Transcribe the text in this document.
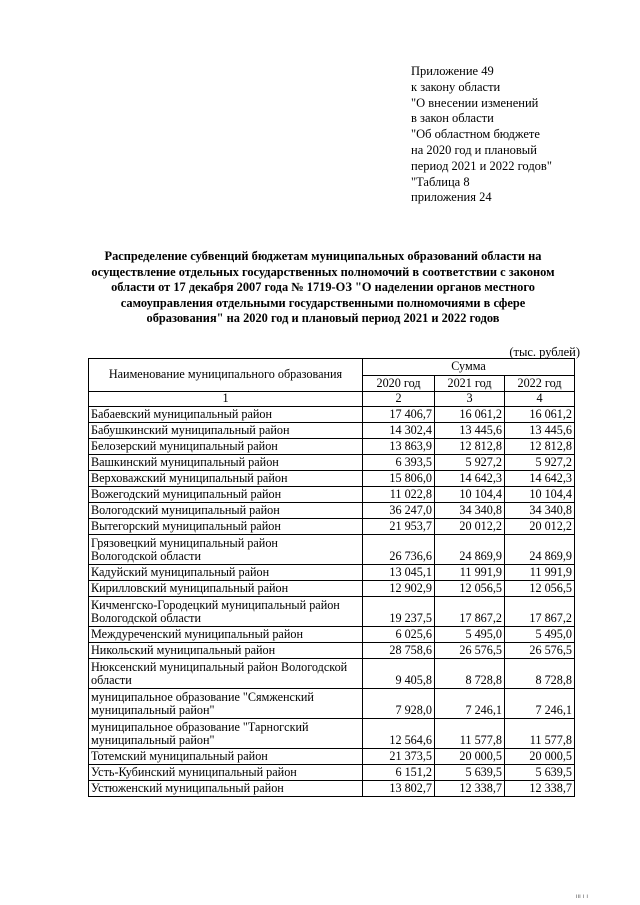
Приложение 49
к закону области
"О внесении изменений
в закон области
"Об областном бюджете
на 2020 год и плановый
период 2021 и 2022 годов"
"Таблица 8
приложения 24
Распределение субвенций бюджетам муниципальных образований области на
осуществление отдельных государственных полномочий в соответствии с законом
области от 17 декабря 2007 года № 1719-ОЗ "О наделении органов местного
самоуправления отдельными государственными полномочиями в сфере
образования" на 2020 год и плановый период 2021 и 2022 годов
(тыс. рублей)
Наименование муниципального образования	Сумма		
	2020 год	2021 год	2022 год
1	2	3	4

Бабаевский муниципальный район	17 406,7	16 061,2	16 061,2

Бабушкинский муниципальный район	14 302,4	13 445,6	13 445,6

Белозерский муниципальный район	13 863,9	12 812,8	12 812,8

Вашкинский муниципальный район	6 393,5	5 927,2	5 927,2

Верховажский муниципальный район	15 806,0	14 642,3	14 642,3

Вожегодский муниципальный район	11 022,8	10 104,4	10 104,4

Вологодский муниципальный район	36 247,0	34 340,8	34 340,8

Вытегорский муниципальный район	21 953,7	20 012,2	20 012,2

Грязовецкий муниципальный район
Вологодской области	26 736,6	24 869,9	24 869,9

Кадуйский муниципальный район	13 045,1	11 991,9	11 991,9

Кирилловский муниципальный район	12 902,9	12 056,5	12 056,5

Кичменгско-Городецкий муниципальный район
Вологодской области	19 237,5	17 867,2	17 867,2

Междуреченский муниципальный район	6 025,6	5 495,0	5 495,0

Никольский муниципальный район	28 758,6	26 576,5	26 576,5

Нюксенский муниципальный район Вологодской
области	9 405,8	8 728,8	8 728,8

муниципальное образование "Сямженский
муниципальный район"	7 928,0	7 246,1	7 246,1

муниципальное образование "Тарногский
муниципальный район"	12 564,6	11 577,8	11 577,8

Тотемский муниципальный район	21 373,5	20 000,5	20 000,5

Усть-Кубинский муниципальный район	6 151,2	5 639,5	5 639,5

Устюженский муниципальный район	13 802,7	12 338,7	12 338,7
ııı ı ı
